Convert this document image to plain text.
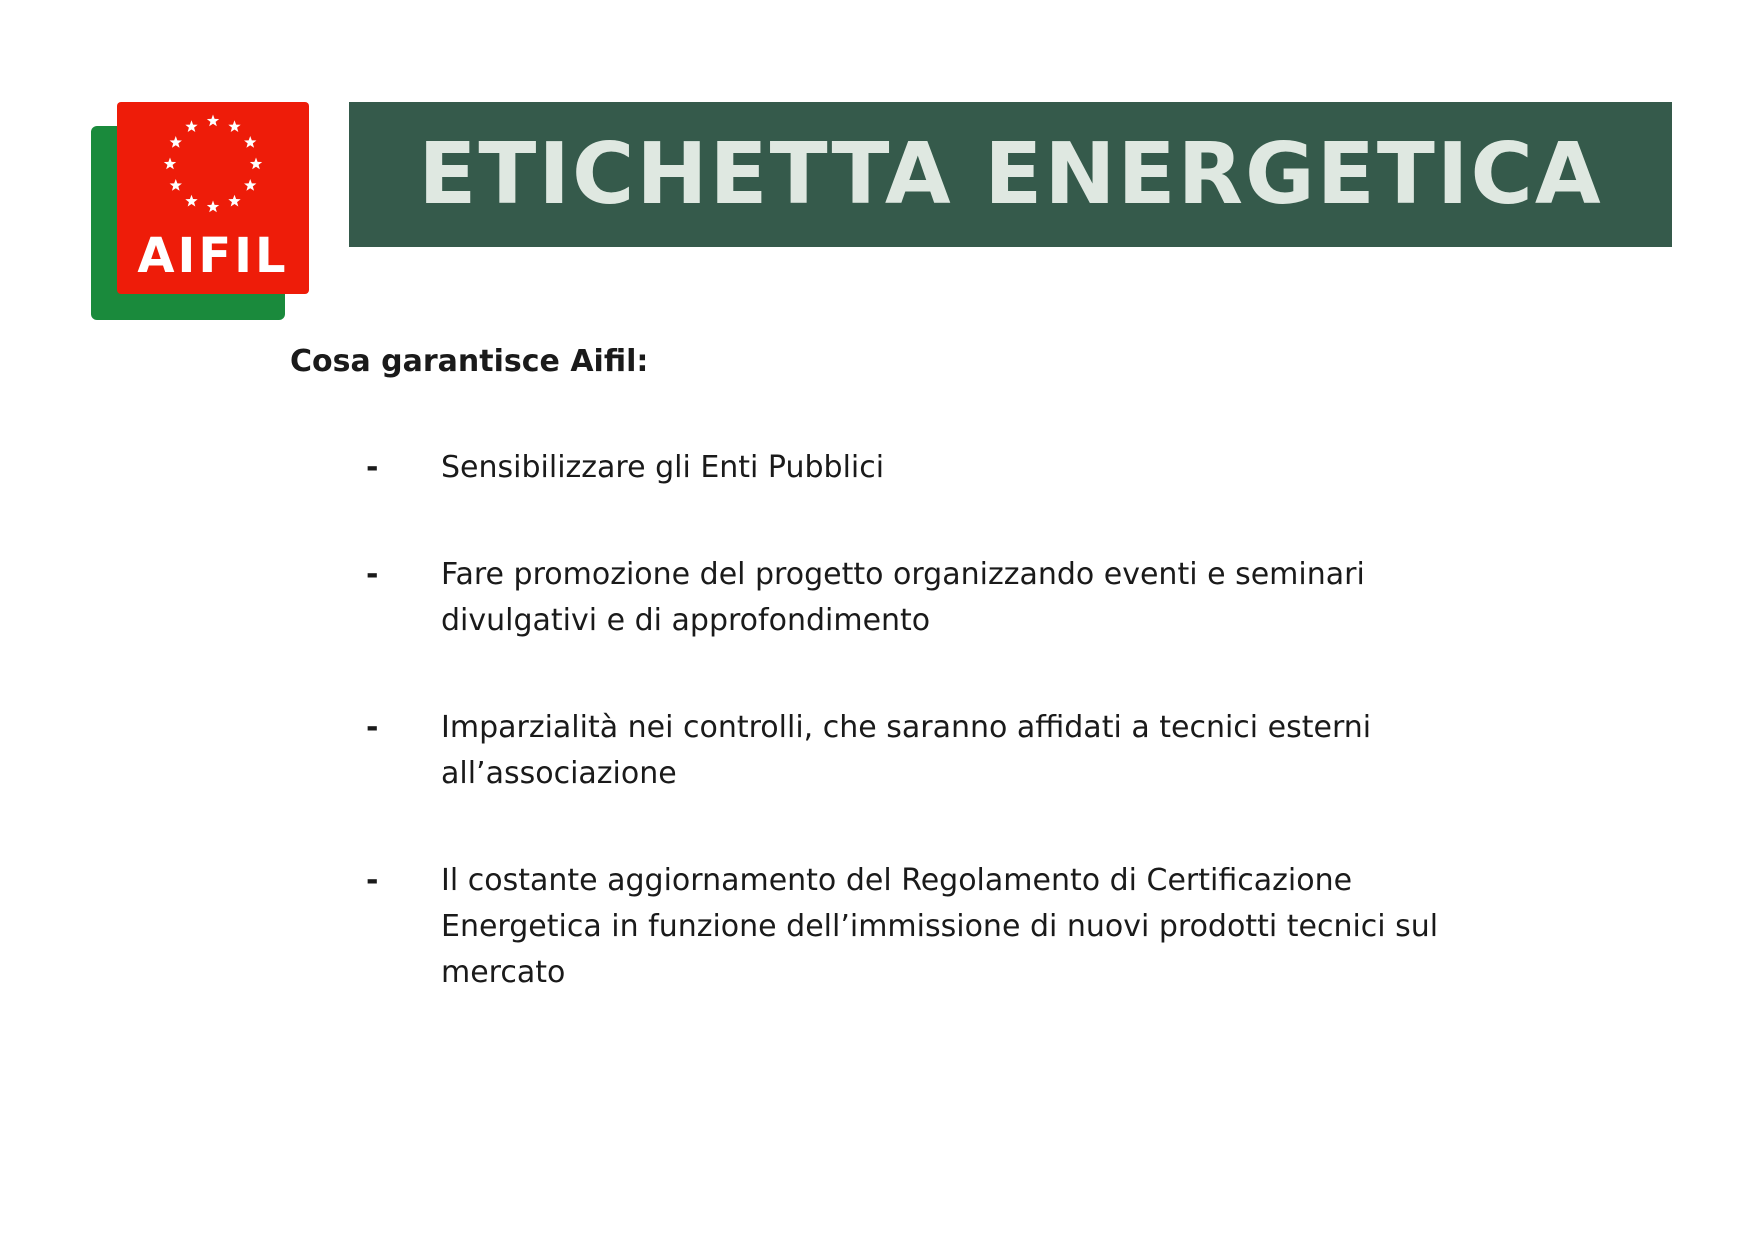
AIFIL
ETICHETTA ENERGETICA
Cosa garantisce Aifil:
- Sensibilizzare gli Enti Pubblici
- Fare promozione del progetto organizzando eventi e seminari divulgativi e di approfondimento
- Imparzialità nei controlli, che saranno affidati a tecnici esterni all’associazione
- Il costante aggiornamento del Regolamento di Certificazione Energetica in funzione dell’immissione di nuovi prodotti tecnici sul mercato
